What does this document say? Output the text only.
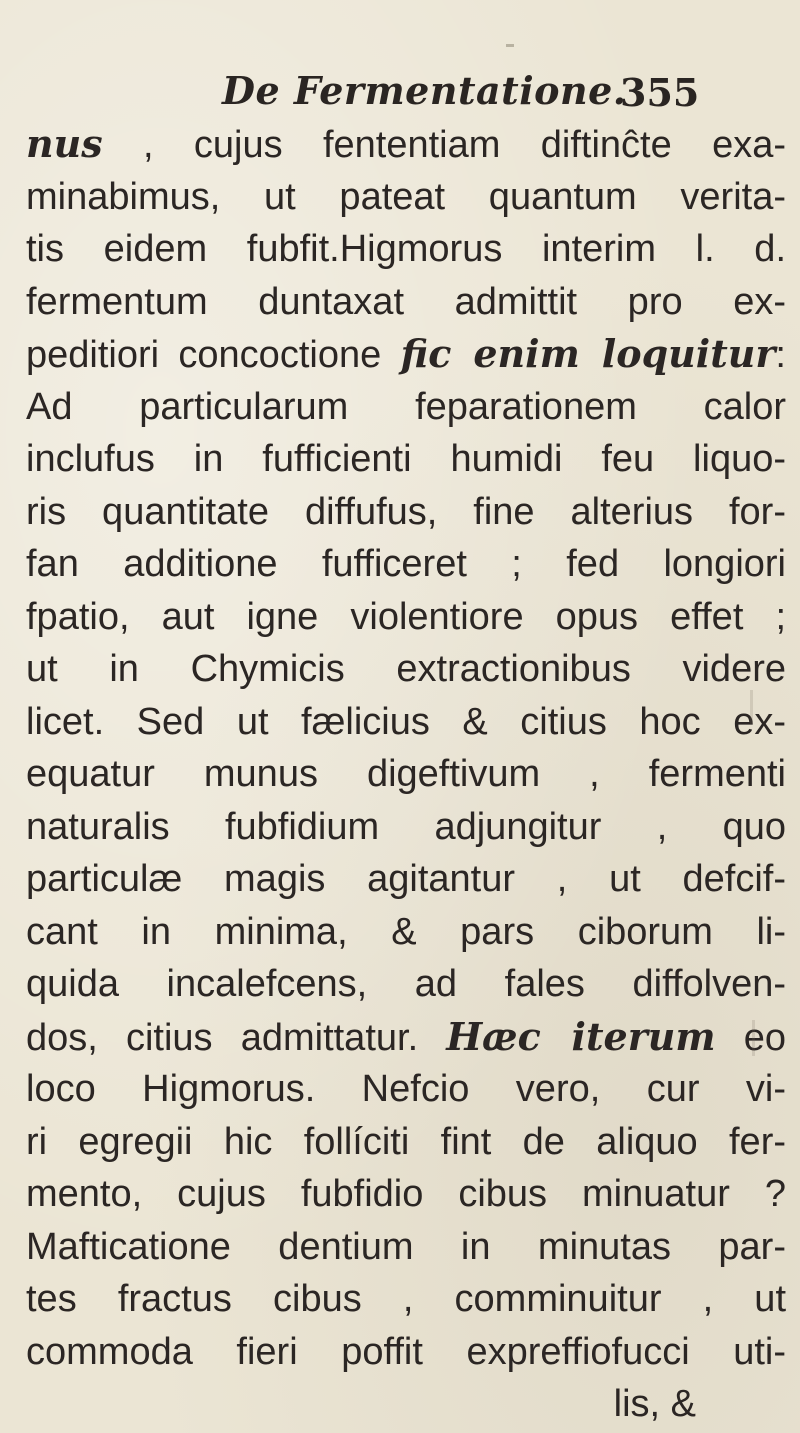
De Fermentatione.
355
nus , cujus fententiam diftinĉte exa-
minabimus, ut pateat quantum verita-
tis eidem fubfit.Higmorus interim l. d.
fermentum duntaxat admittit pro ex-
peditiori concoctione fic enim loquitur:
Ad particularum feparationem calor
inclufus in fufficienti humidi feu liquo-
ris quantitate diffufus, fine alterius for-
fan additione fufficeret ; fed longiori
fpatio, aut igne violentiore opus effet ;
ut in Chymicis extractionibus videre
licet. Sed ut fælicius & citius hoc ex-
equatur munus digeftivum , fermenti
naturalis fubfidium adjungitur , quo
particulæ magis agitantur , ut defcif-
cant in minima, & pars ciborum li-
quida incalefcens, ad fales diffolven-
dos, citius admittatur. Hæc iterum eo
loco Higmorus. Nefcio vero, cur vi-
ri egregii hic follíciti fint de aliquo fer-
mento, cujus fubfidio cibus minuatur ?
Mafticatione dentium in minutas par-
tes fractus cibus , comminuitur , ut
commoda fieri poffit expreffiofucci uti-
lis, &
